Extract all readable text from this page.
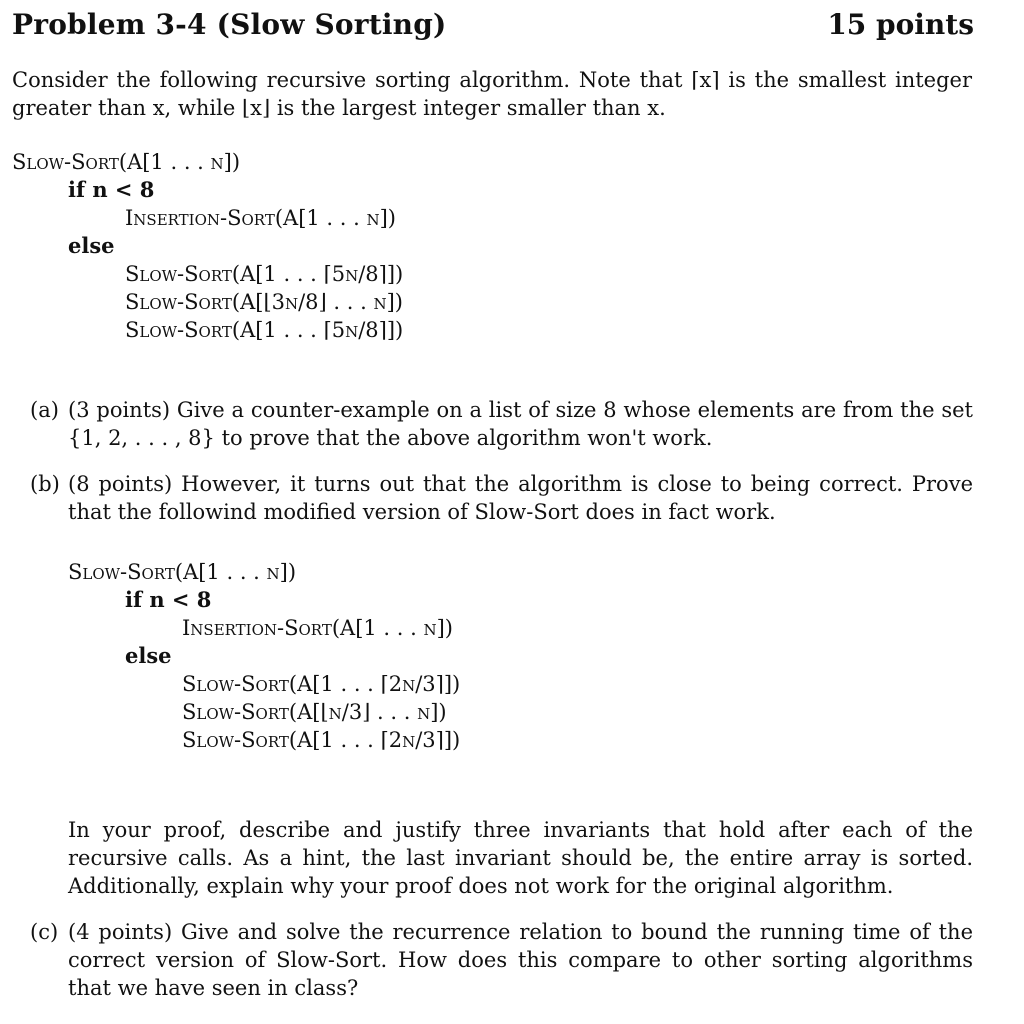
Problem 3-4 (Slow Sorting)	15 points
Consider the following recursive sorting algorithm. Note that ⌈x⌉ is the smallest integer greater than x, while ⌊x⌋ is the largest integer smaller than x.
Slow-Sort(A[1 . . . n])
if n < 8
Insertion-Sort(A[1 . . . n])
else
Slow-Sort(A[1 . . . ⌈5n/8⌉])
Slow-Sort(A[⌊3n/8⌋ . . . n])
Slow-Sort(A[1 . . . ⌈5n/8⌉])
(a) (3 points) Give a counter-example on a list of size 8 whose elements are from the set {1, 2, . . . , 8} to prove that the above algorithm won't work.
(b) (8 points) However, it turns out that the algorithm is close to being correct. Prove that the followind modified version of Slow-Sort does in fact work.
Slow-Sort(A[1 . . . n])
if n < 8
Insertion-Sort(A[1 . . . n])
else
Slow-Sort(A[1 . . . ⌈2n/3⌉])
Slow-Sort(A[⌊n/3⌋ . . . n])
Slow-Sort(A[1 . . . ⌈2n/3⌉])
In your proof, describe and justify three invariants that hold after each of the recursive calls. As a hint, the last invariant should be, the entire array is sorted. Additionally, explain why your proof does not work for the original algorithm.
(c) (4 points) Give and solve the recurrence relation to bound the running time of the correct version of Slow-Sort. How does this compare to other sorting algorithms that we have seen in class?
